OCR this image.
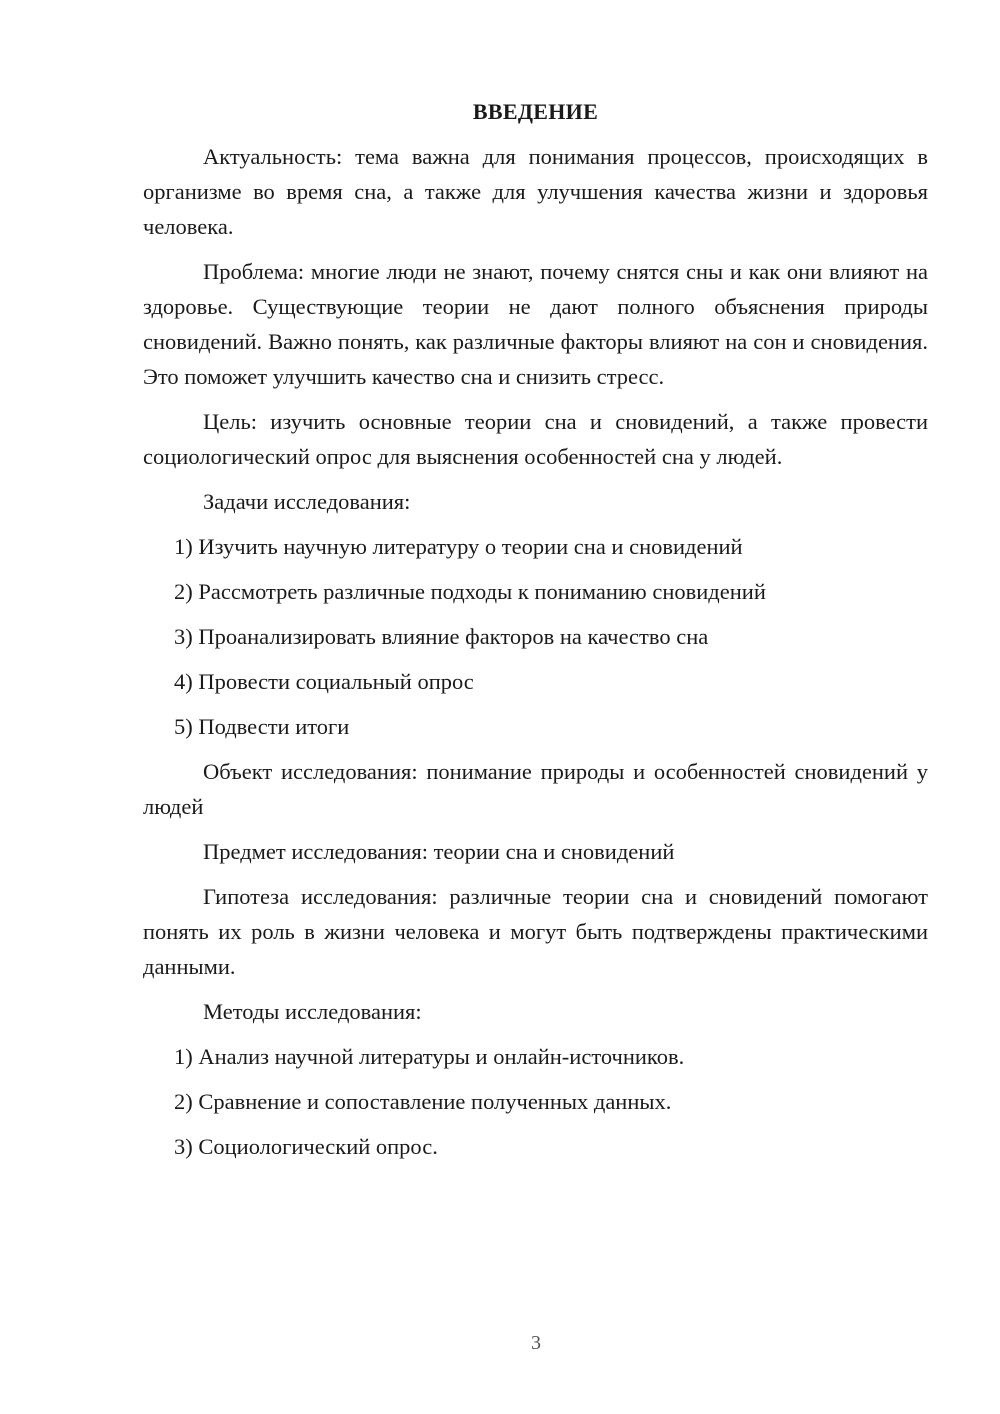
ВВЕДЕНИЕ

Актуальность: тема важна для понимания процессов, происходящих в организме во время сна, а также для улучшения качества жизни и здоровья человека.

Проблема: многие люди не знают, почему снятся сны и как они влияют на здоровье. Существующие теории не дают полного объяснения природы сновидений. Важно понять, как различные факторы влияют на сон и сновидения. Это поможет улучшить качество сна и снизить стресс.

Цель: изучить основные теории сна и сновидений, а также провести социологический опрос для выяснения особенностей сна у людей.

Задачи исследования:

1) Изучить научную литературу о теории сна и сновидений
2) Рассмотреть различные подходы к пониманию сновидений
3) Проанализировать влияние факторов на качество сна
4) Провести социальный опрос
5) Подвести итоги

Объект исследования: понимание природы и особенностей сновидений у людей

Предмет исследования: теории сна и сновидений

Гипотеза исследования: различные теории сна и сновидений помогают понять их роль в жизни человека и могут быть подтверждены практическими данными.

Методы исследования:

1) Анализ научной литературы и онлайн-источников.
2) Сравнение и сопоставление полученных данных.
3) Социологический опрос.
3
